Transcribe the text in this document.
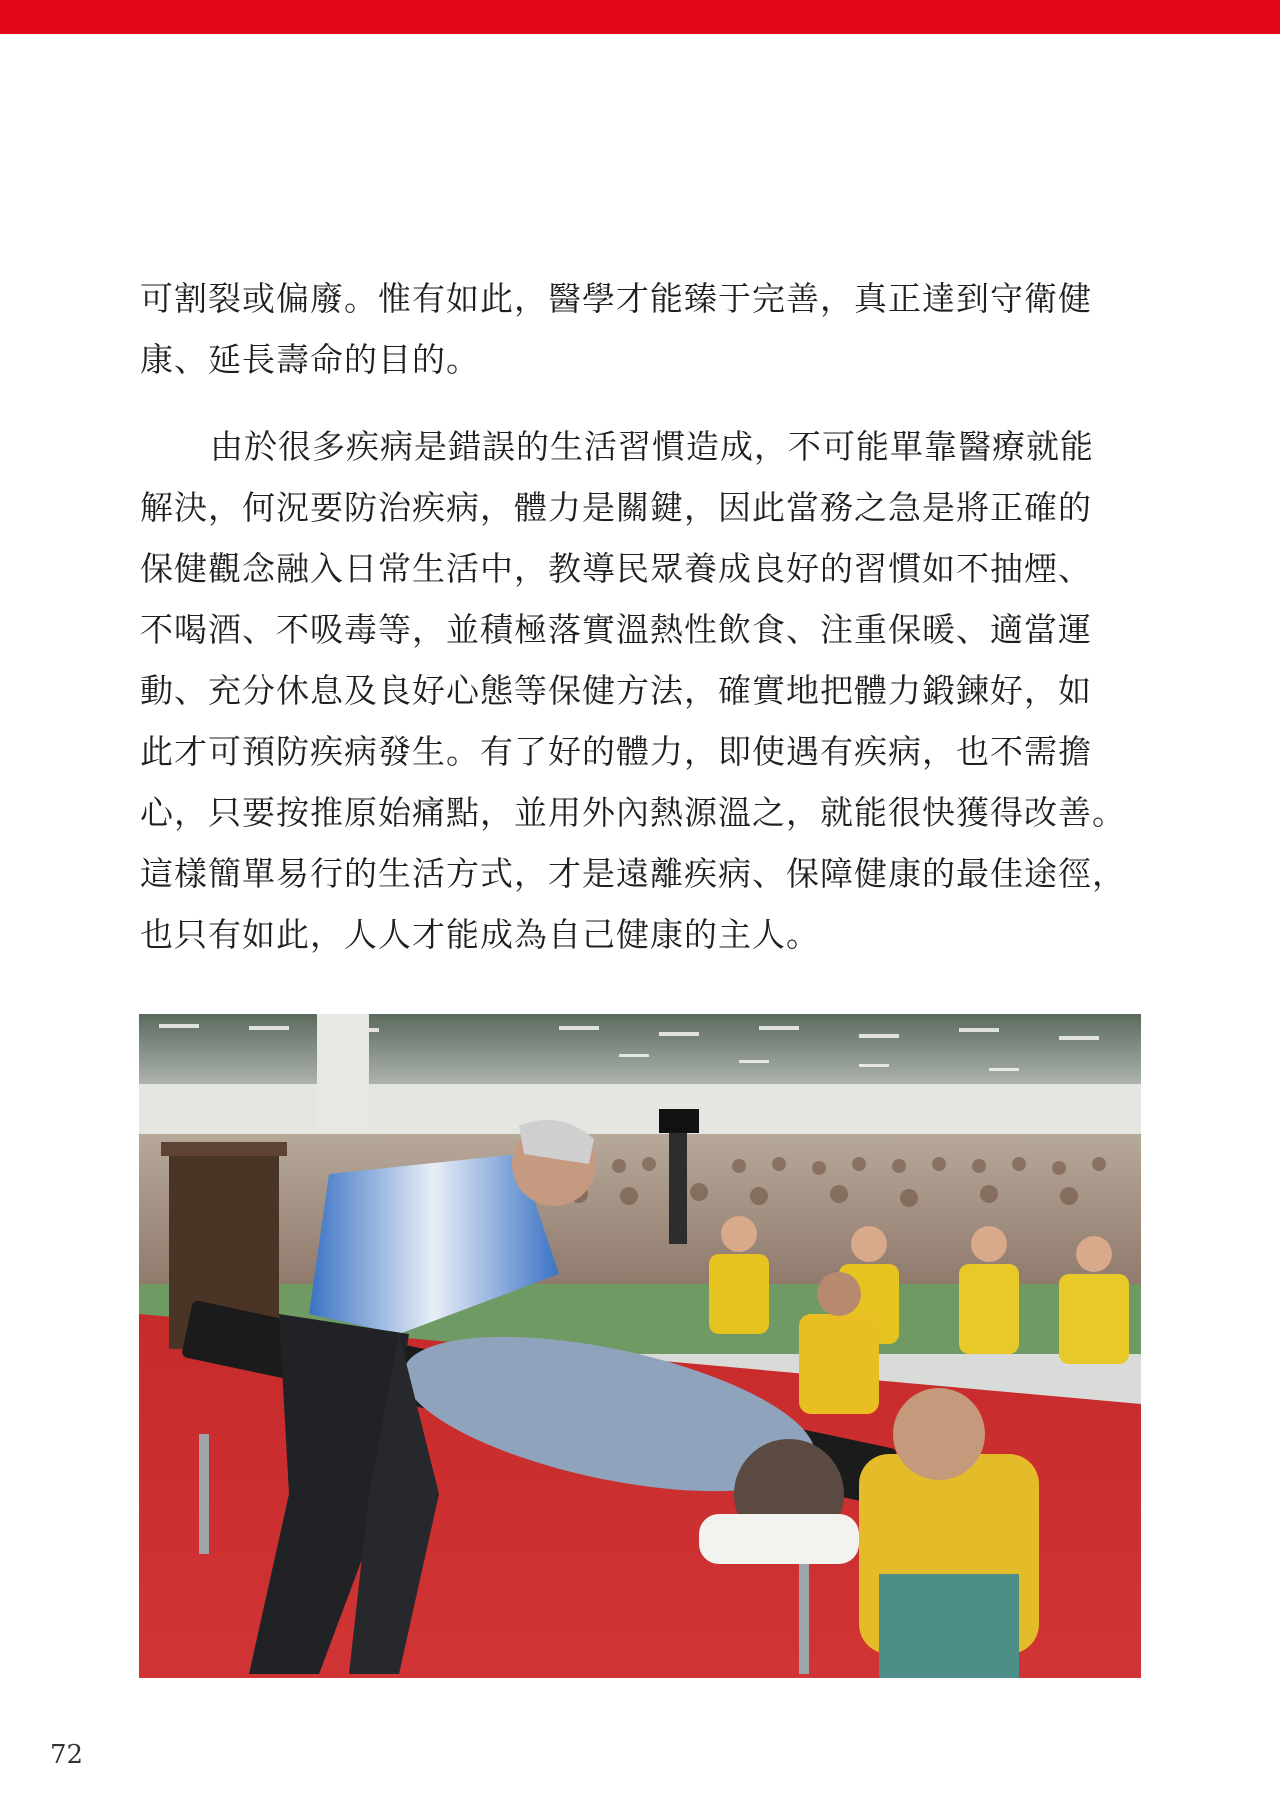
可割裂或偏廢。惟有如此，醫學才能臻于完善，真正達到守衛健
康、延長壽命的目的。

由於很多疾病是錯誤的生活習慣造成，不可能單靠醫療就能
解決，何況要防治疾病，體力是關鍵，因此當務之急是將正確的
保健觀念融入日常生活中，教導民眾養成良好的習慣如不抽煙、
不喝酒、不吸毒等，並積極落實溫熱性飲食、注重保暖、適當運
動、充分休息及良好心態等保健方法，確實地把體力鍛鍊好，如
此才可預防疾病發生。有了好的體力，即使遇有疾病，也不需擔
心，只要按推原始痛點，並用外內熱源溫之，就能很快獲得改善。
這樣簡單易行的生活方式，才是遠離疾病、保障健康的最佳途徑，
也只有如此，人人才能成為自己健康的主人。

72
